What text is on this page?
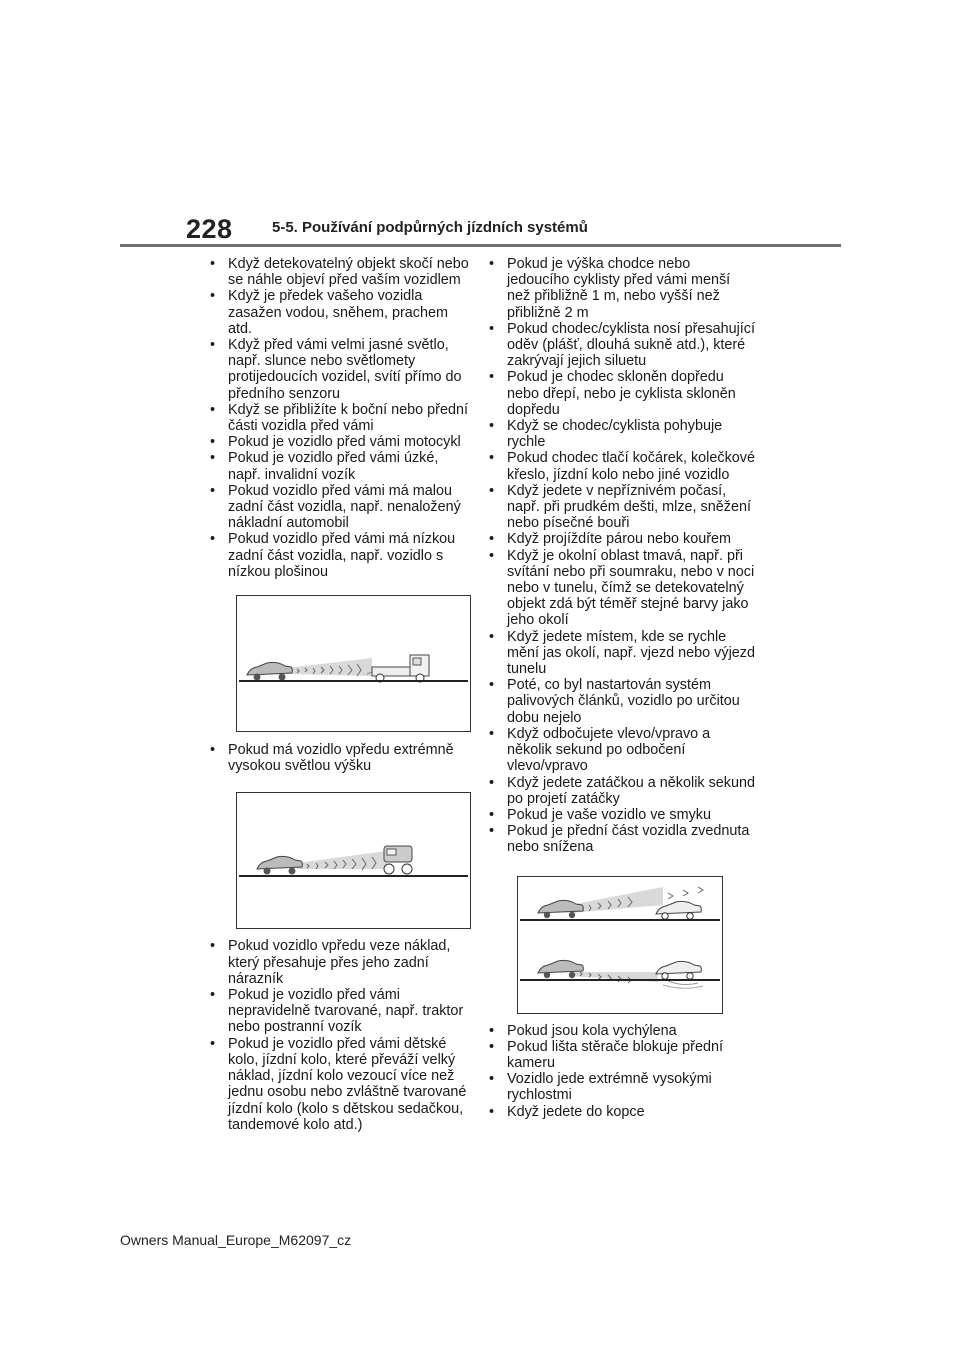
228	5-5. Používání podpůrných jízdních systémů
• Když detekovatelný objekt skočí nebo se náhle objeví před vaším vozidlem
• Když je předek vašeho vozidla zasažen vodou, sněhem, prachem atd.
• Když před vámi velmi jasné světlo, např. slunce nebo světlomety protijedoucích vozidel, svítí přímo do předního senzoru
• Když se přibližíte k boční nebo přední části vozidla před vámi
• Pokud je vozidlo před vámi motocykl
• Pokud je vozidlo před vámi úzké, např. invalidní vozík
• Pokud vozidlo před vámi má malou zadní část vozidla, např. nenaložený nákladní automobil
• Pokud vozidlo před vámi má nízkou zadní část vozidla, např. vozidlo s nízkou plošinou
• Pokud má vozidlo vpředu extrémně vysokou světlou výšku
• Pokud vozidlo vpředu veze náklad, který přesahuje přes jeho zadní nárazník
• Pokud je vozidlo před vámi nepravidelně tvarované, např. traktor nebo postranní vozík
• Pokud je vozidlo před vámi dětské kolo, jízdní kolo, které převáží velký náklad, jízdní kolo vezoucí více než jednu osobu nebo zvláštně tvarované jízdní kolo (kolo s dětskou sedačkou, tandemové kolo atd.)
• Pokud je výška chodce nebo jedoucího cyklisty před vámi menší než přibližně 1 m, nebo vyšší než přibližně 2 m
• Pokud chodec/cyklista nosí přesahující oděv (plášť, dlouhá sukně atd.), které zakrývají jejich siluetu
• Pokud je chodec skloněn dopředu nebo dřepí, nebo je cyklista skloněn dopředu
• Když se chodec/cyklista pohybuje rychle
• Pokud chodec tlačí kočárek, kolečkové křeslo, jízdní kolo nebo jiné vozidlo
• Když jedete v nepříznivém počasí, např. při prudkém dešti, mlze, sněžení nebo písečné bouři
• Když projíždíte párou nebo kouřem
• Když je okolní oblast tmavá, např. při svítání nebo při soumraku, nebo v noci nebo v tunelu, čímž se detekovatelný objekt zdá být téměř stejné barvy jako jeho okolí
• Když jedete místem, kde se rychle mění jas okolí, např. vjezd nebo výjezd tunelu
• Poté, co byl nastartován systém palivových článků, vozidlo po určitou dobu nejelo
• Když odbočujete vlevo/vpravo a několik sekund po odbočení vlevo/vpravo
• Když jedete zatáčkou a několik sekund po projetí zatáčky
• Pokud je vaše vozidlo ve smyku
• Pokud je přední část vozidla zvednuta nebo snížena
• Pokud jsou kola vychýlena
• Pokud lišta stěrače blokuje přední kameru
• Vozidlo jede extrémně vysokými rychlostmi
• Když jedete do kopce
Owners Manual_Europe_M62097_cz
